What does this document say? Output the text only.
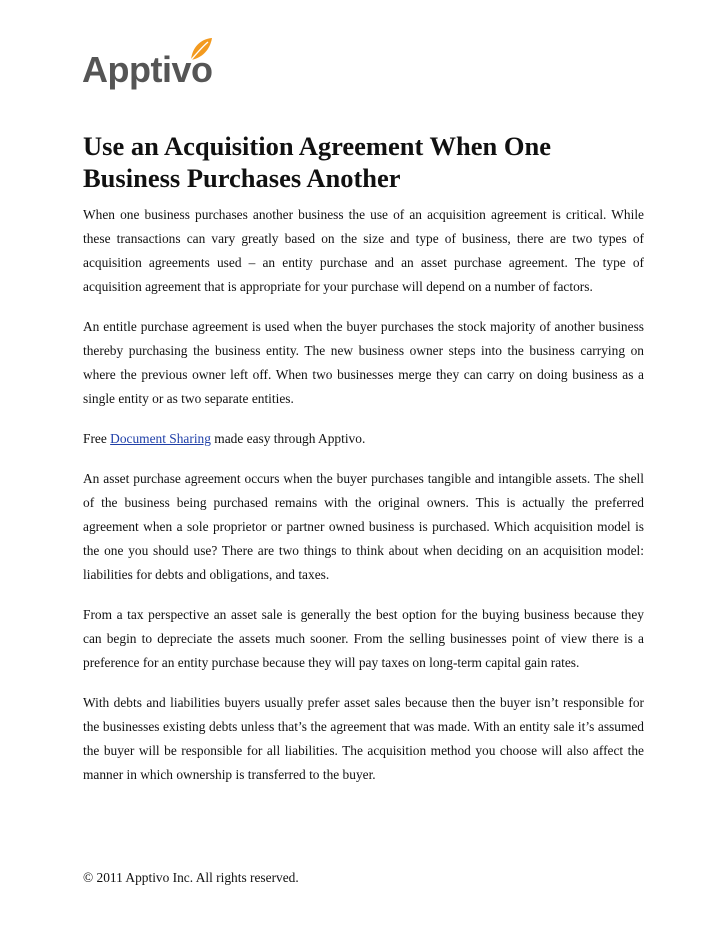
Apptivo
Use an Acquisition Agreement When One Business Purchases Another

When one business purchases another business the use of an acquisition agreement is critical. While these transactions can vary greatly based on the size and type of business, there are two types of acquisition agreements used – an entity purchase and an asset purchase agreement. The type of acquisition agreement that is appropriate for your purchase will depend on a number of factors.

An entitle purchase agreement is used when the buyer purchases the stock majority of another business thereby purchasing the business entity. The new business owner steps into the business carrying on where the previous owner left off. When two businesses merge they can carry on doing business as a single entity or as two separate entities.

Free Document Sharing made easy through Apptivo.

An asset purchase agreement occurs when the buyer purchases tangible and intangible assets. The shell of the business being purchased remains with the original owners. This is actually the preferred agreement when a sole proprietor or partner owned business is purchased. Which acquisition model is the one you should use? There are two things to think about when deciding on an acquisition model: liabilities for debts and obligations, and taxes.

From a tax perspective an asset sale is generally the best option for the buying business because they can begin to depreciate the assets much sooner. From the selling businesses point of view there is a preference for an entity purchase because they will pay taxes on long-term capital gain rates.

With debts and liabilities buyers usually prefer asset sales because then the buyer isn’t responsible for the businesses existing debts unless that’s the agreement that was made. With an entity sale it’s assumed the buyer will be responsible for all liabilities. The acquisition method you choose will also affect the manner in which ownership is transferred to the buyer.

© 2011 Apptivo Inc. All rights reserved.
